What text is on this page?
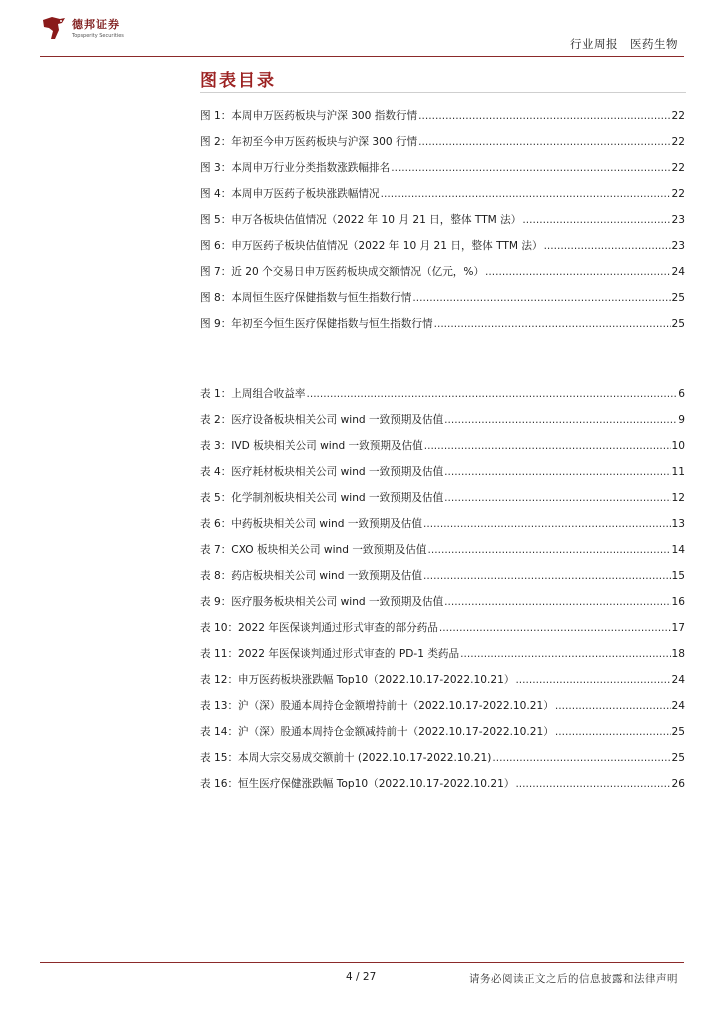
德邦证券
Topsperity Securities
行业周报 医药生物
图表目录
图 1：本周申万医药板块与沪深 300 指数行情 .....	22
图 2：年初至今申万医药板块与沪深 300 行情 .....	22
图 3：本周申万行业分类指数涨跌幅排名 .....	22
图 4：本周申万医药子板块涨跌幅情况 .....	22
图 5：申万各板块估值情况（2022 年 10 月 21 日，整体 TTM 法） .....	23
图 6：申万医药子板块估值情况（2022 年 10 月 21 日，整体 TTM 法） .....	23
图 7：近 20 个交易日申万医药板块成交额情况（亿元，%） .....	24
图 8：本周恒生医疗保健指数与恒生指数行情 .....	25
图 9：年初至今恒生医疗保健指数与恒生指数行情 .....	25
表 1：上周组合收益率 .....	6
表 2：医疗设备板块相关公司 wind 一致预期及估值 .....	9
表 3：IVD 板块相关公司 wind 一致预期及估值 .....	10
表 4：医疗耗材板块相关公司 wind 一致预期及估值 .....	11
表 5：化学制剂板块相关公司 wind 一致预期及估值 .....	12
表 6：中药板块相关公司 wind 一致预期及估值 .....	13
表 7：CXO 板块相关公司 wind 一致预期及估值 .....	14
表 8：药店板块相关公司 wind 一致预期及估值 .....	15
表 9：医疗服务板块相关公司 wind 一致预期及估值 .....	16
表 10：2022 年医保谈判通过形式审查的部分药品 .....	17
表 11：2022 年医保谈判通过形式审查的 PD-1 类药品 .....	18
表 12：申万医药板块涨跌幅 Top10（2022.10.17-2022.10.21） .....	24
表 13：沪（深）股通本周持仓金额增持前十（2022.10.17-2022.10.21） .....	24
表 14：沪（深）股通本周持仓金额减持前十（2022.10.17-2022.10.21） .....	25
表 15：本周大宗交易成交额前十 (2022.10.17-2022.10.21) .....	25
表 16：恒生医疗保健涨跌幅 Top10（2022.10.17-2022.10.21） .....	26
4 / 27	请务必阅读正文之后的信息披露和法律声明
